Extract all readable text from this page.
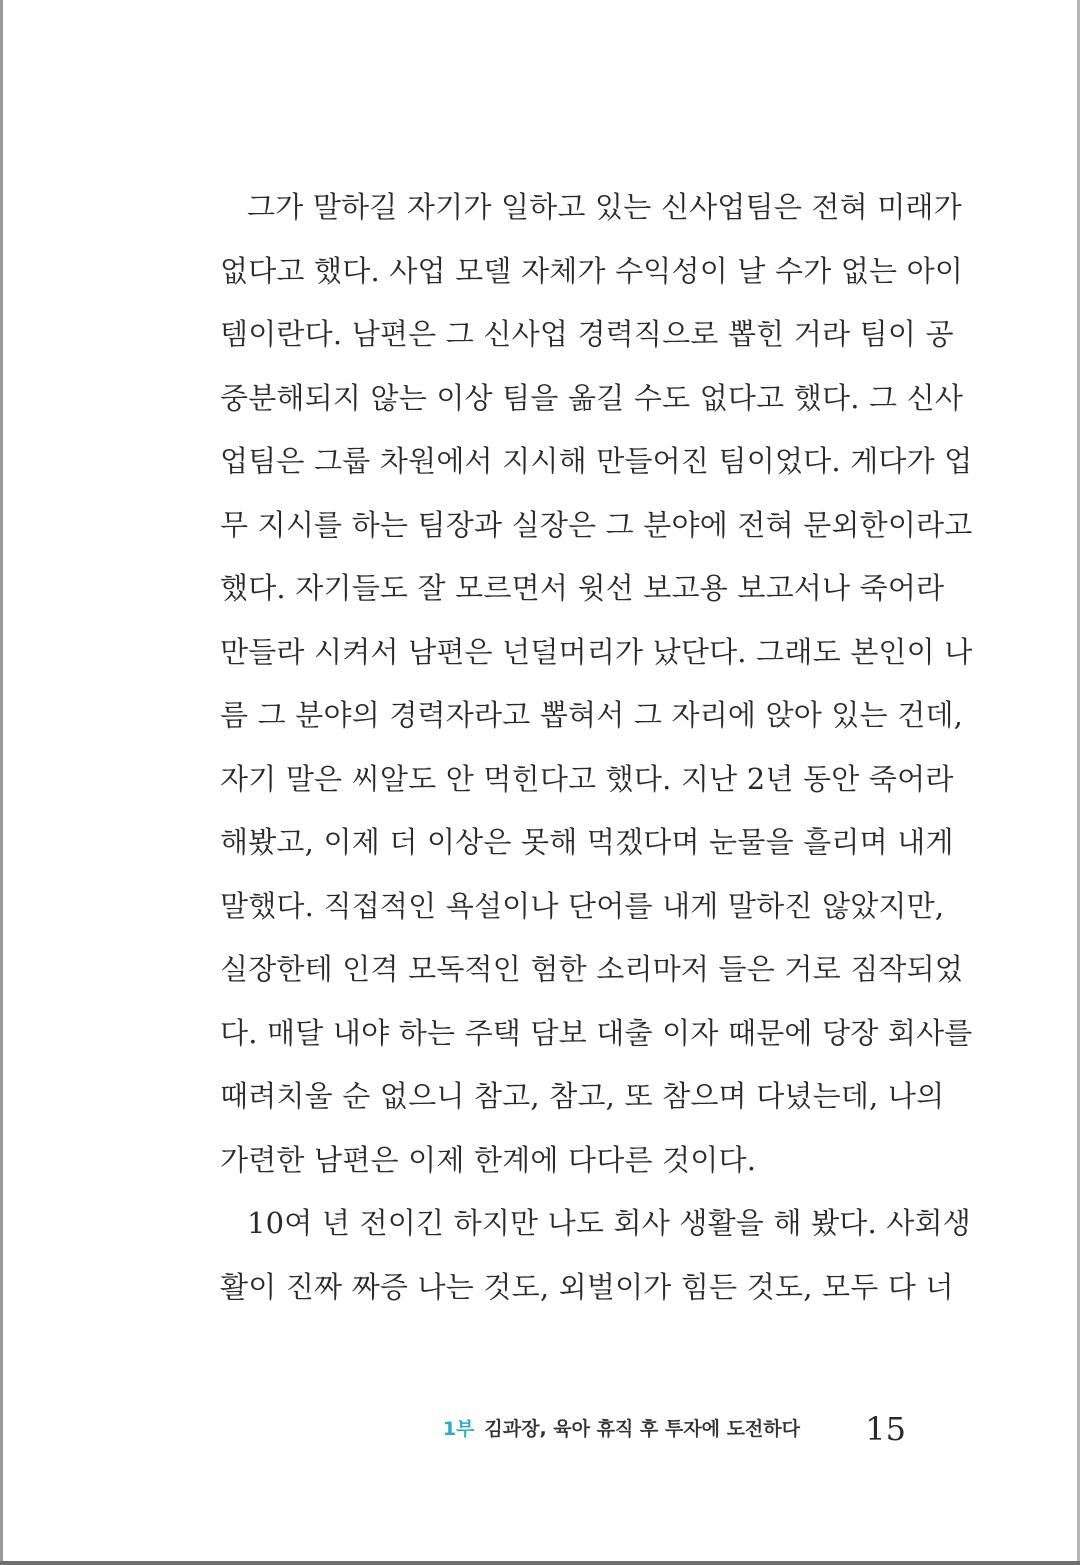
그가 말하길 자기가 일하고 있는 신사업팀은 전혀 미래가
없다고 했다. 사업 모델 자체가 수익성이 날 수가 없는 아이
템이란다. 남편은 그 신사업 경력직으로 뽑힌 거라 팀이 공
중분해되지 않는 이상 팀을 옮길 수도 없다고 했다. 그 신사
업팀은 그룹 차원에서 지시해 만들어진 팀이었다. 게다가 업
무 지시를 하는 팀장과 실장은 그 분야에 전혀 문외한이라고
했다. 자기들도 잘 모르면서 윗선 보고용 보고서나 죽어라
만들라 시켜서 남편은 넌덜머리가 났단다. 그래도 본인이 나
름 그 분야의 경력자라고 뽑혀서 그 자리에 앉아 있는 건데,
자기 말은 씨알도 안 먹힌다고 했다. 지난 2년 동안 죽어라
해봤고, 이제 더 이상은 못해 먹겠다며 눈물을 흘리며 내게
말했다. 직접적인 욕설이나 단어를 내게 말하진 않았지만,
실장한테 인격 모독적인 험한 소리마저 들은 거로 짐작되었
다. 매달 내야 하는 주택 담보 대출 이자 때문에 당장 회사를
때려치울 순 없으니 참고, 참고, 또 참으며 다녔는데, 나의
가련한 남편은 이제 한계에 다다른 것이다.
10여 년 전이긴 하지만 나도 회사 생활을 해 봤다. 사회생
활이 진짜 짜증 나는 것도, 외벌이가 힘든 것도, 모두 다 너
1부 김과장, 육아 휴직 후 투자에 도전하다 15
